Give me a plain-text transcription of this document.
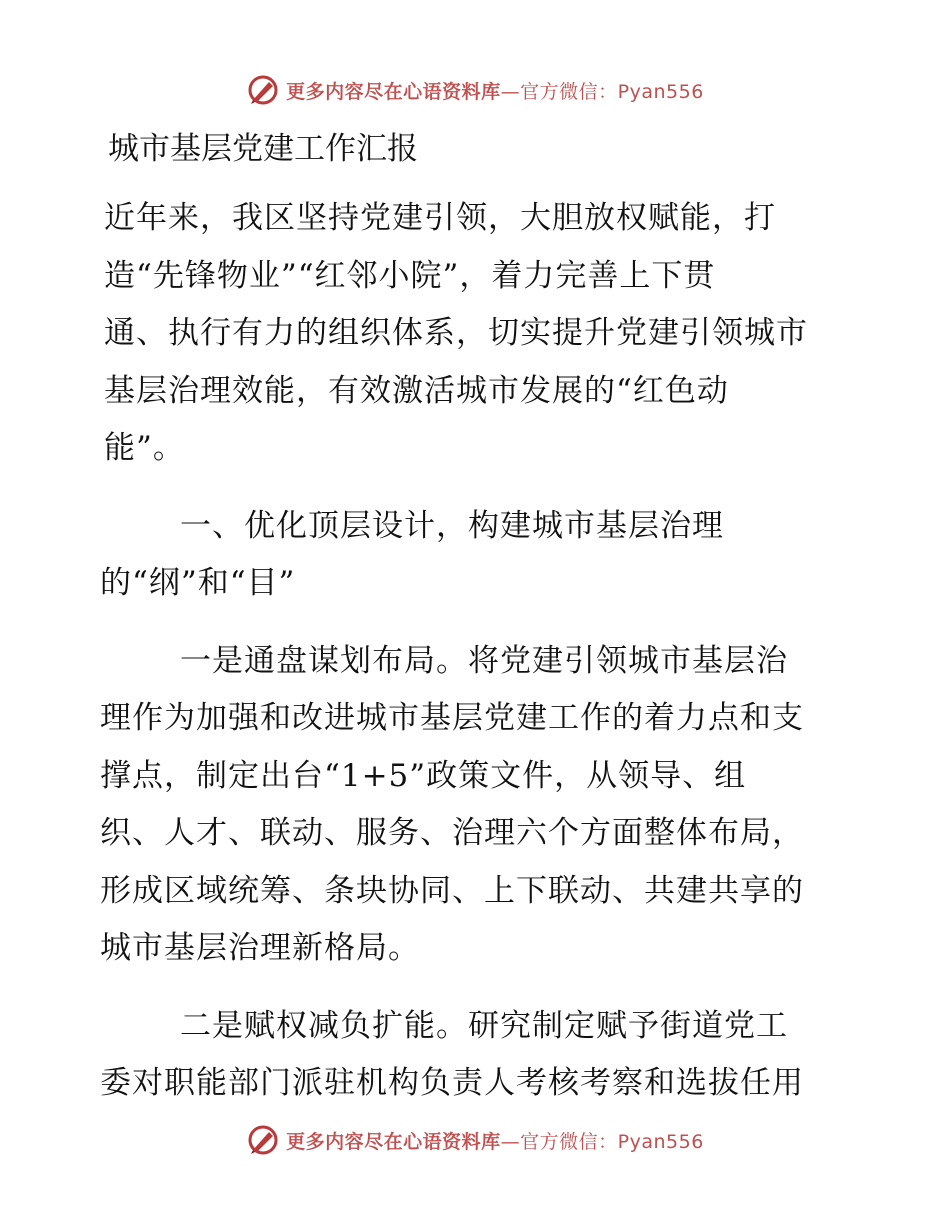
更多内容尽在心语资料库—官方微信：Pyan556
城市基层党建工作汇报
近年来，我区坚持党建引领，大胆放权赋能，打
造“先锋物业”“红邻小院”，着力完善上下贯
通、执行有力的组织体系，切实提升党建引领城市
基层治理效能，有效激活城市发展的“红色动
能”。
一、优化顶层设计，构建城市基层治理
的“纲”和“目”
一是通盘谋划布局。将党建引领城市基层治
理作为加强和改进城市基层党建工作的着力点和支
撑点，制定出台“1+5”政策文件，从领导、组
织、人才、联动、服务、治理六个方面整体布局，
形成区域统筹、条块协同、上下联动、共建共享的
城市基层治理新格局。
二是赋权减负扩能。研究制定赋予街道党工
委对职能部门派驻机构负责人考核考察和选拔任用
更多内容尽在心语资料库—官方微信：Pyan556
